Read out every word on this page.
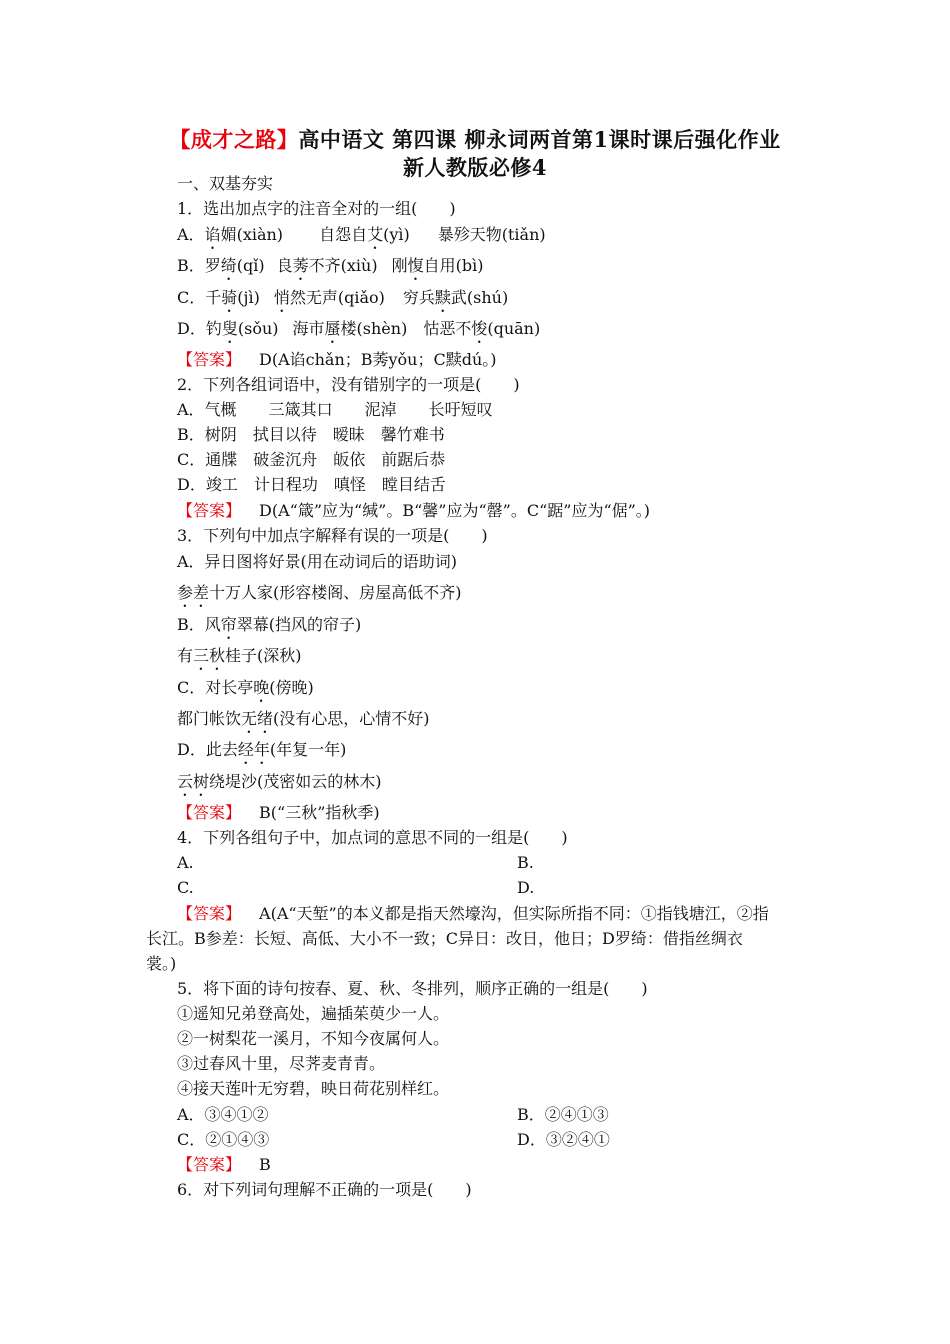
【成才之路】高中语文 第四课 柳永词两首第1课时课后强化作业
新人教版必修4
一、双基夯实
1．选出加点字的注音全对的一组(　　)
A．谄媚(xiàn) 自怨自艾(yì) 暴殄天物(tiǎn)
B．罗绮(qǐ) 良莠不齐(xiù) 刚愎自用(bì)
C．千骑(jì) 悄然无声(qiǎo) 穷兵黩武(shú)
D．钓叟(sǒu) 海市蜃楼(shèn) 怙恶不悛(quān)
【答案】 D(A谄chǎn；B莠yǒu；C黩dú。)
2．下列各组词语中，没有错别字的一项是(　　)
A．气概 三箴其口 泥淖 长吁短叹
B．树阴 拭目以待 暧昧 馨竹难书
C．通牒 破釜沉舟 皈依 前踞后恭
D．竣工 计日程功 嗔怪 瞠目结舌
【答案】 D(A“箴”应为“缄”。B“馨”应为“罄”。C“踞”应为“倨”。)
3．下列句中加点字解释有误的一项是(　　)
A．异日图将好景(用在动词后的语助词)
参差十万人家(形容楼阁、房屋高低不齐)
B．风帘翠幕(挡风的帘子)
有三秋桂子(深秋)
C．对长亭晚(傍晚)
都门帐饮无绪(没有心思，心情不好)
D．此去经年(年复一年)
云树绕堤沙(茂密如云的林木)
【答案】 B(“三秋”指秋季)
4．下列各组句子中，加点词的意思不同的一组是(　　)
A.	B.
C.	D.
【答案】 A(A“天堑”的本义都是指天然壕沟，但实际所指不同：①指钱塘江，②指
长江。B参差：长短、高低、大小不一致；C异日：改日，他日；D罗绮：借指丝绸衣
裳。)
5．将下面的诗句按春、夏、秋、冬排列，顺序正确的一组是(　　)
①遥知兄弟登高处，遍插茱萸少一人。
②一树梨花一溪月，不知今夜属何人。
③过春风十里，尽荠麦青青。
④接天莲叶无穷碧，映日荷花别样红。
A．③④①②	B．②④①③
C．②①④③	D．③②④①
【答案】 B
6．对下列词句理解不正确的一项是(　　)
